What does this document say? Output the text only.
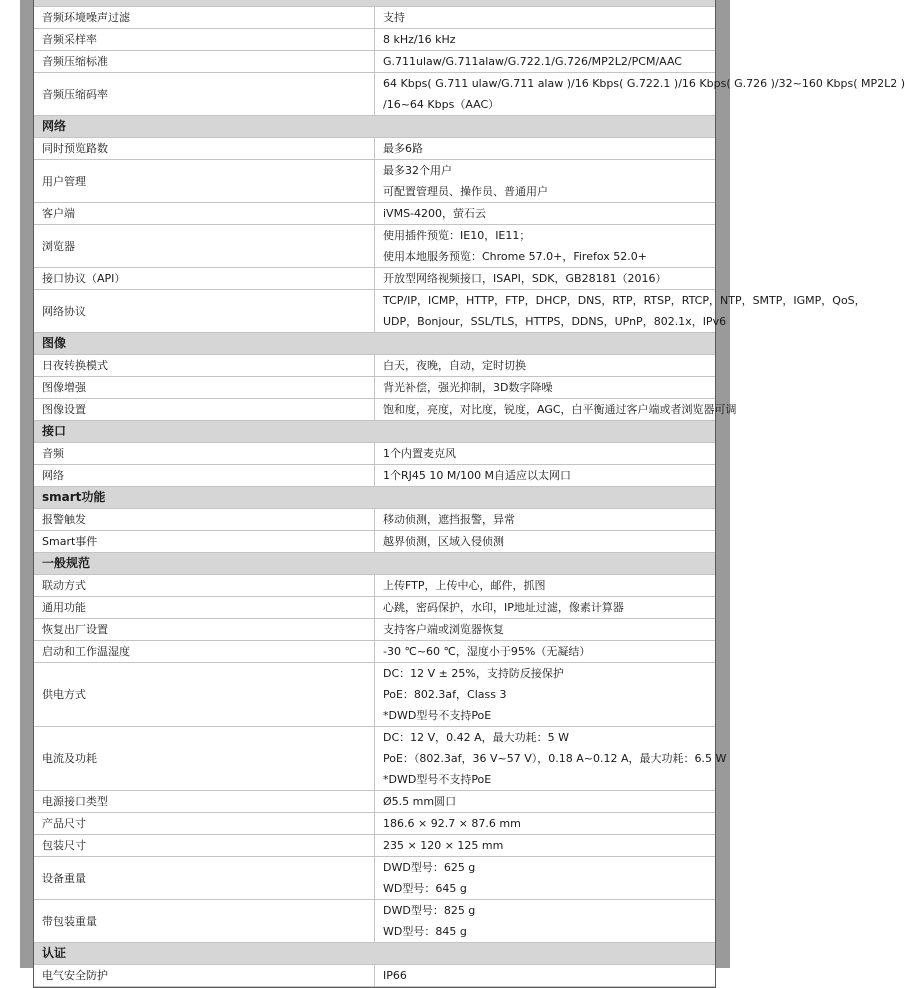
音频环境噪声过滤	支持

音频采样率	8 kHz/16 kHz

音频压缩标准	G.711ulaw/G.711alaw/G.722.1/G.726/MP2L2/PCM/AAC

音频压缩码率	64 Kbps( G.711 ulaw/G.711 alaw )/16 Kbps( G.722.1 )/16 Kbps( G.726 )/32~160 Kbps( MP2L2 )
/16~64 Kbps（AAC）

网络	
同时预览路数	最多6路

用户管理	最多32个用户
可配置管理员、操作员、普通用户

客户端	iVMS-4200，萤石云

浏览器	使用插件预览：IE10，IE11；
使用本地服务预览：Chrome 57.0+，Firefox 52.0+

接口协议（API）	开放型网络视频接口，ISAPI，SDK，GB28181（2016）

网络协议	TCP/IP，ICMP，HTTP，FTP，DHCP，DNS，RTP，RTSP，RTCP，NTP，SMTP，IGMP，QoS，
UDP，Bonjour，SSL/TLS，HTTPS，DDNS，UPnP，802.1x，IPv6

图像	
日夜转换模式	白天，夜晚，自动，定时切换

图像增强	背光补偿，强光抑制，3D数字降噪

图像设置	饱和度，亮度，对比度，锐度，AGC，白平衡通过客户端或者浏览器可调

接口	
音频	1个内置麦克风

网络	1个RJ45 10 M/100 M自适应以太网口

smart功能	
报警触发	移动侦测，遮挡报警，异常

Smart事件	越界侦测，区域入侵侦测

一般规范	
联动方式	上传FTP，上传中心，邮件，抓图

通用功能	心跳，密码保护，水印，IP地址过滤，像素计算器

恢复出厂设置	支持客户端或浏览器恢复

启动和工作温湿度	-30 ℃~60 ℃，湿度小于95%（无凝结）

供电方式	DC：12 V ± 25%，支持防反接保护
PoE：802.3af，Class 3
*DWD型号不支持PoE

电流及功耗	DC：12 V，0.42 A，最大功耗：5 W
PoE：（802.3af，36 V~57 V），0.18 A~0.12 A，最大功耗：6.5 W
*DWD型号不支持PoE

电源接口类型	Ø5.5 mm圆口

产品尺寸	186.6 × 92.7 × 87.6 mm

包装尺寸	235 × 120 × 125 mm

设备重量	DWD型号：625 g
WD型号：645 g

带包装重量	DWD型号：825 g
WD型号：845 g

认证	
电气安全防护	IP66
